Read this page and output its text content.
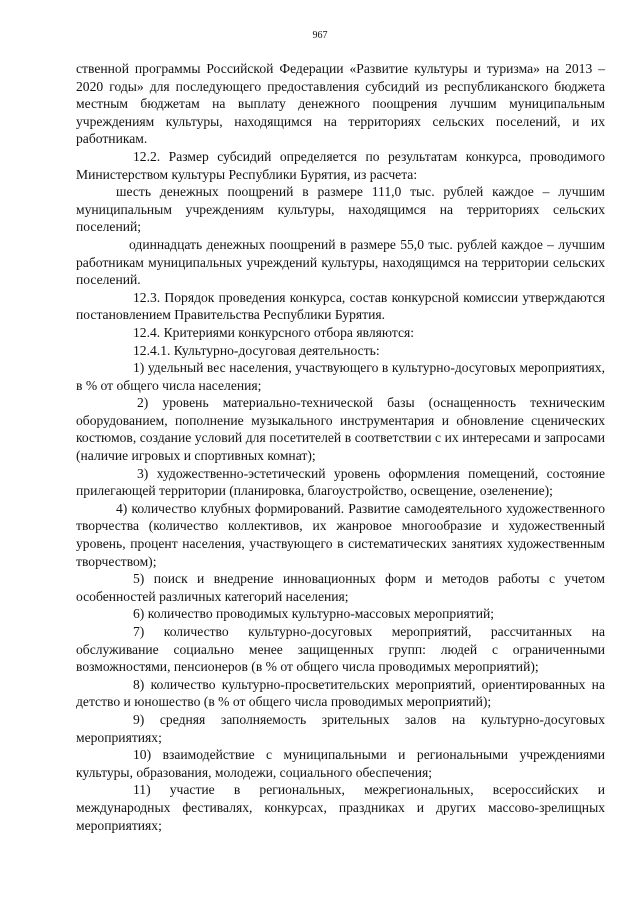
967

ственной программы Российской Федерации «Развитие культуры и туризма» на 2013 – 2020 годы» для последующего предоставления субсидий из республиканского бюджета местным бюджетам на выплату денежного поощрения лучшим муниципальным учреждениям культуры, находящимся на территориях сельских поселений, и их работникам.

12.2. Размер субсидий определяется по результатам конкурса, проводимого Министерством культуры Республики Бурятия, из расчета:

шесть денежных поощрений в размере 111,0 тыс. рублей каждое – лучшим муниципальным учреждениям культуры, находящимся на территориях сельских поселений;

одиннадцать денежных поощрений в размере 55,0 тыс. рублей каждое – лучшим работникам муниципальных учреждений культуры, находящимся на территории сельских поселений.

12.3. Порядок проведения конкурса, состав конкурсной комиссии утверждаются постановлением Правительства Республики Бурятия.

12.4. Критериями конкурсного отбора являются:

12.4.1. Культурно-досуговая деятельность:

1) удельный вес населения, участвующего в культурно-досуговых мероприятиях, в % от общего числа населения;

2) уровень материально-технической базы (оснащенность техническим оборудованием, пополнение музыкального инструментария и обновление сценических костюмов, создание условий для посетителей в соответствии с их интересами и запросами (наличие игровых и спортивных комнат);

3) художественно-эстетический уровень оформления помещений, состояние прилегающей территории (планировка, благоустройство, освещение, озеленение);

4) количество клубных формирований. Развитие самодеятельного художественного творчества (количество коллективов, их жанровое многообразие и художественный уровень, процент населения, участвующего в систематических занятиях художественным творчеством);

5) поиск и внедрение инновационных форм и методов работы с учетом особенностей различных категорий населения;

6) количество проводимых культурно-массовых мероприятий;

7) количество культурно-досуговых мероприятий, рассчитанных на обслуживание социально менее защищенных групп: людей с ограниченными возможностями, пенсионеров (в % от общего числа проводимых мероприятий);

8) количество культурно-просветительских мероприятий, ориентированных на детство и юношество (в % от общего числа проводимых мероприятий);

9) средняя заполняемость зрительных залов на культурно-досуговых мероприятиях;

10) взаимодействие с муниципальными и региональными учреждениями культуры, образования, молодежи, социального обеспечения;

11) участие в региональных, межрегиональных, всероссийских и международных фестивалях, конкурсах, праздниках и других массово-зрелищных мероприятиях;
